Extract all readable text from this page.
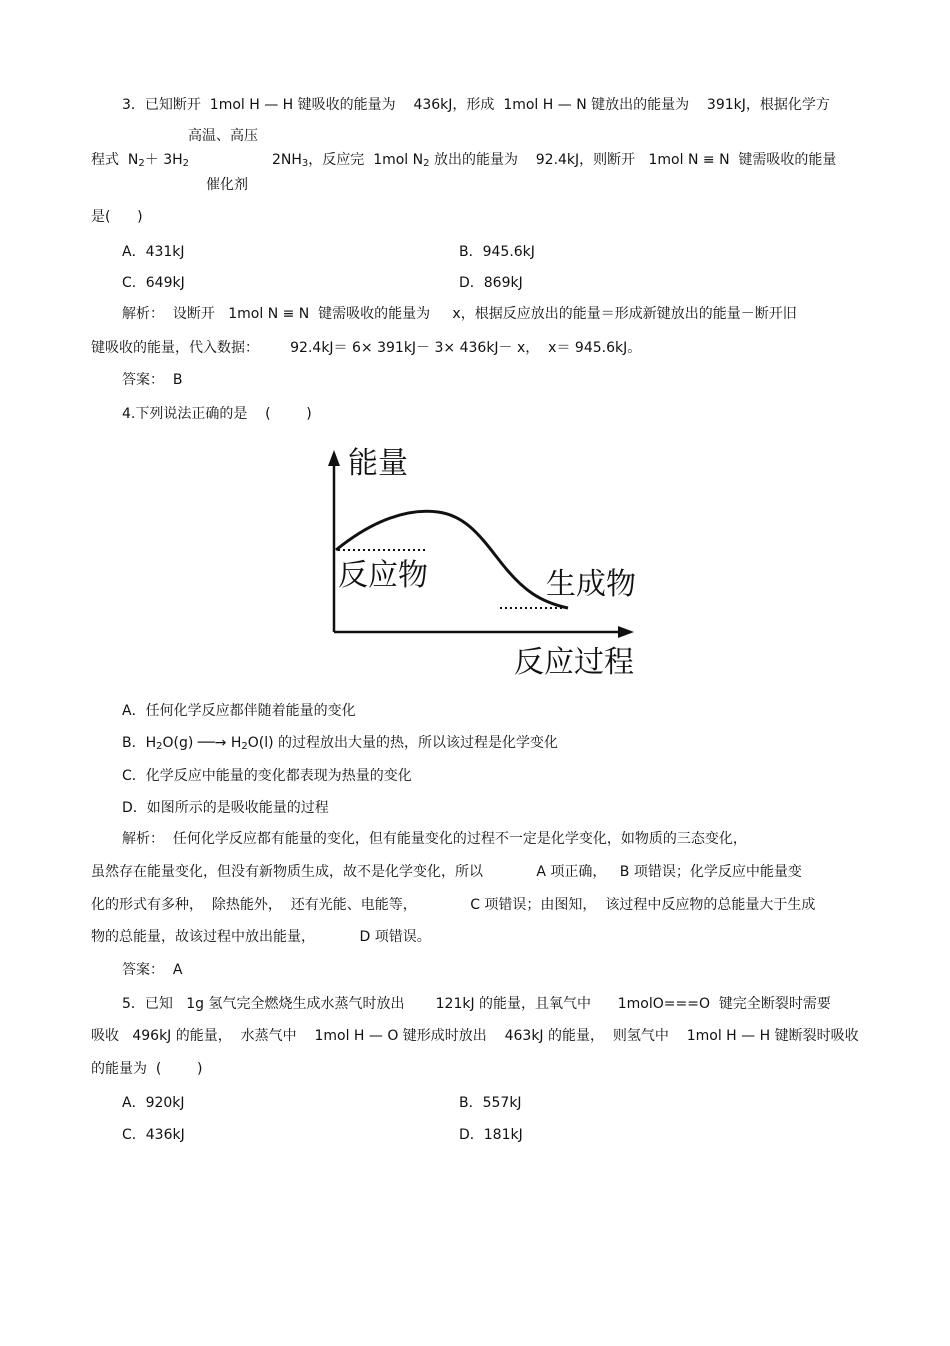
3．已知断开  1mol H — H 键吸收的能量为    436kJ，形成  1mol H — N 键放出的能量为    391kJ，根据化学方
高温、高压
程式  $N_2+ 3H_2$	$2NH_3$，反应完  1mol $N_2$ 放出的能量为    92.4kJ，则断开   1mol N ≡ N  键需吸收的能量
催化剂
是(      )
A．431kJ	B．945.6kJ
C．649kJ	D．869kJ
解析：  设断开   1mol N ≡ N  键需吸收的能量为     x，根据反应放出的能量＝形成新键放出的能量－断开旧
键吸收的能量，代入数据：       92.4kJ＝ 6× 391kJ－ 3× 436kJ－ x，  x＝ 945.6kJ。
答案：  B
4.下列说法正确的是    (        )
能量
反应物	生成物
反应过程
A．任何化学反应都伴随着能量的变化
B．$H_2O(g)$ ──→ $H_2O(l)$ 的过程放出大量的热，所以该过程是化学变化
C．化学反应中能量的变化都表现为热量的变化
D．如图所示的是吸收能量的过程
解析：  任何化学反应都有能量的变化，但有能量变化的过程不一定是化学变化，如物质的三态变化，
虽然存在能量变化，但没有新物质生成，故不是化学变化，所以            A 项正确，   B 项错误；化学反应中能量变
化的形式有多种，  除热能外，  还有光能、电能等，            C 项错误；由图知，  该过程中反应物的总能量大于生成
物的总能量，故该过程中放出能量，          D 项错误。
答案：  A
5．已知   1g 氢气完全燃烧生成水蒸气时放出       121kJ 的能量，且氧气中      1molO===O  键完全断裂时需要
吸收   496kJ 的能量，  水蒸气中    1mol H — O 键形成时放出    463kJ 的能量，  则氢气中    1mol H — H 键断裂时吸收
的能量为  (        )
A．920kJ	B．557kJ
C．436kJ	D．181kJ
